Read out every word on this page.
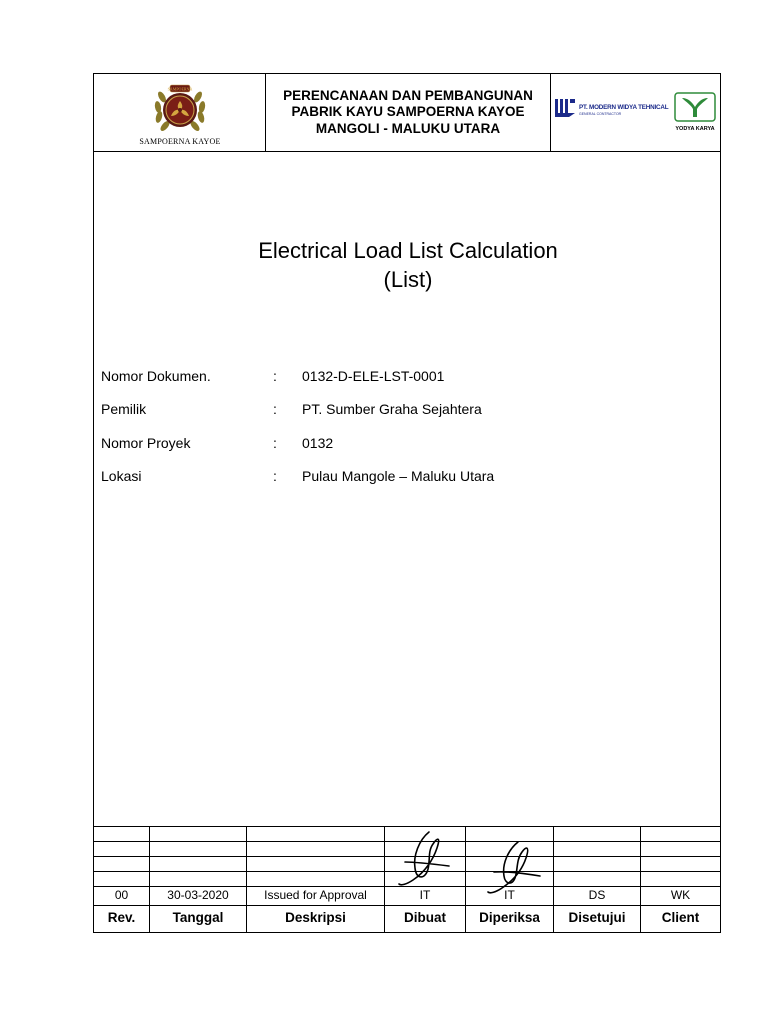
SAMPOERNA
SAMPOERNA KAYOE
PERENCANAAN DAN PEMBANGUNAN PABRIK KAYU SAMPOERNA KAYOE MANGOLI - MALUKU UTARA
PT. MODERN WIDYA TEHNICAL
GENERAL CONTRACTOR
YODYA KARYA
Electrical Load List Calculation
(List)
Nomor Dokumen.	: 0132-D-ELE-LST-0001
Pemilik	: PT. Sumber Graha Sejahtera
Nomor Proyek	: 0132
Lokasi	: Pulau Mangole – Maluku Utara
00	30-03-2020	Issued for Approval	IT	IT	DS	WK
Rev.	Tanggal	Deskripsi	Dibuat	Diperiksa	Disetujui	Client
